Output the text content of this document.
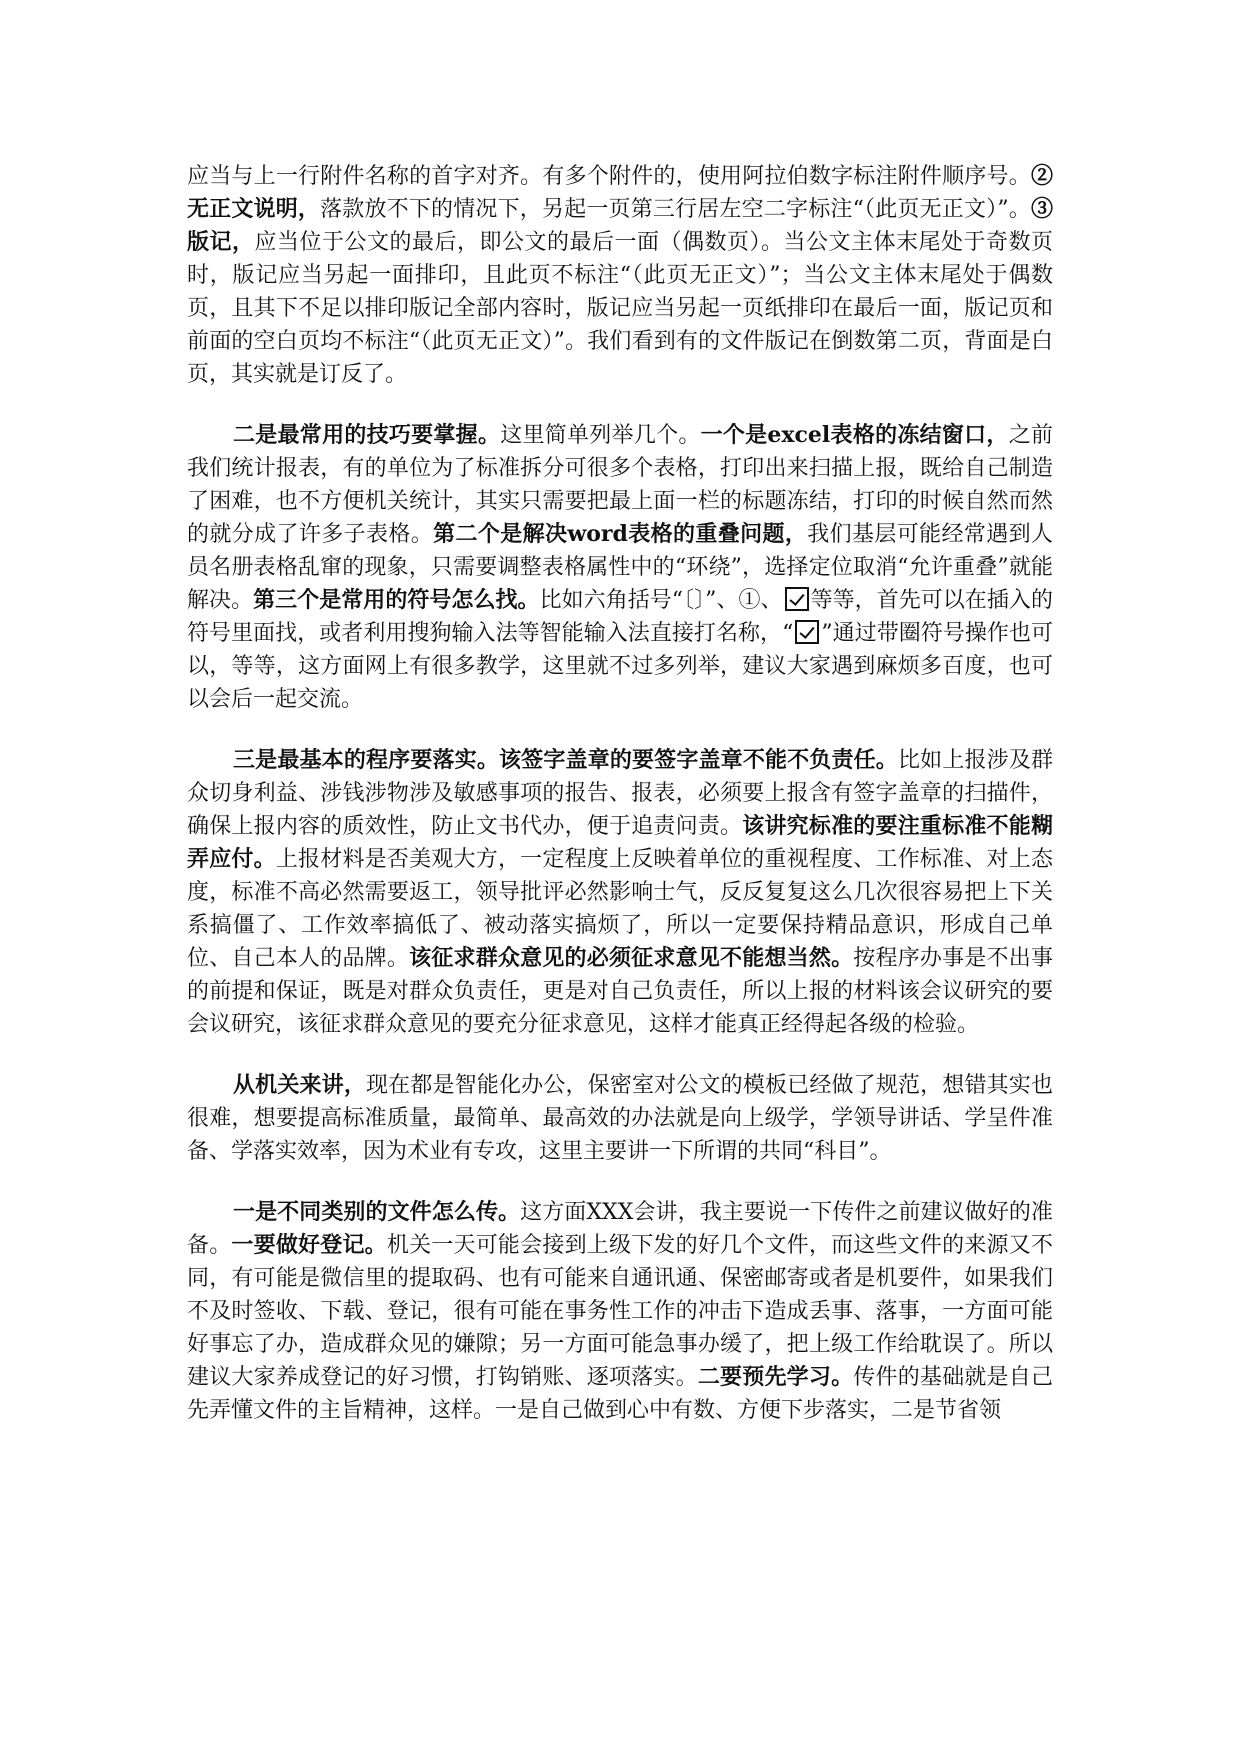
应当与上一行附件名称的首字对齐。有多个附件的，使用阿拉伯数字标注附件顺序号。②无正文说明，落款放不下的情况下，另起一页第三行居左空二字标注“（此页无正文）”。③版记，应当位于公文的最后，即公文的最后一面（偶数页）。当公文主体末尾处于奇数页时，版记应当另起一面排印，且此页不标注“（此页无正文）”；当公文主体末尾处于偶数页，且其下不足以排印版记全部内容时，版记应当另起一页纸排印在最后一面，版记页和前面的空白页均不标注“（此页无正文）”。我们看到有的文件版记在倒数第二页，背面是白页，其实就是订反了。

二是最常用的技巧要掌握。这里简单列举几个。一个是excel表格的冻结窗口，之前我们统计报表，有的单位为了标准拆分可很多个表格，打印出来扫描上报，既给自己制造了困难，也不方便机关统计，其实只需要把最上面一栏的标题冻结，打印的时候自然而然的就分成了许多子表格。第二个是解决word表格的重叠问题，我们基层可能经常遇到人员名册表格乱窜的现象，只需要调整表格属性中的“环绕”，选择定位取消“允许重叠”就能解决。第三个是常用的符号怎么找。比如六角括号“〔〕”、①、 等等，首先可以在插入的符号里面找，或者利用搜狗输入法等智能输入法直接打名称，“ ”通过带圈符号操作也可以，等等，这方面网上有很多教学，这里就不过多列举，建议大家遇到麻烦多百度，也可以会后一起交流。

三是最基本的程序要落实。该签字盖章的要签字盖章不能不负责任。比如上报涉及群众切身利益、涉钱涉物涉及敏感事项的报告、报表，必须要上报含有签字盖章的扫描件，确保上报内容的质效性，防止文书代办，便于追责问责。该讲究标准的要注重标准不能糊弄应付。上报材料是否美观大方，一定程度上反映着单位的重视程度、工作标准、对上态度，标准不高必然需要返工，领导批评必然影响士气，反反复复这么几次很容易把上下关系搞僵了、工作效率搞低了、被动落实搞烦了，所以一定要保持精品意识，形成自己单位、自己本人的品牌。该征求群众意见的必须征求意见不能想当然。按程序办事是不出事的前提和保证，既是对群众负责任，更是对自己负责任，所以上报的材料该会议研究的要会议研究，该征求群众意见的要充分征求意见，这样才能真正经得起各级的检验。

从机关来讲，现在都是智能化办公，保密室对公文的模板已经做了规范，想错其实也很难，想要提高标准质量，最简单、最高效的办法就是向上级学，学领导讲话、学呈件准备、学落实效率，因为术业有专攻，这里主要讲一下所谓的共同“科目”。

一是不同类别的文件怎么传。这方面XXX会讲，我主要说一下传件之前建议做好的准备。一要做好登记。机关一天可能会接到上级下发的好几个文件，而这些文件的来源又不同，有可能是微信里的提取码、也有可能来自通讯通、保密邮寄或者是机要件，如果我们不及时签收、下载、登记，很有可能在事务性工作的冲击下造成丢事、落事，一方面可能好事忘了办，造成群众见的嫌隙；另一方面可能急事办缓了，把上级工作给耽误了。所以建议大家养成登记的好习惯，打钩销账、逐项落实。二要预先学习。传件的基础就是自己先弄懂文件的主旨精神，这样。一是自己做到心中有数、方便下步落实，二是节省领
